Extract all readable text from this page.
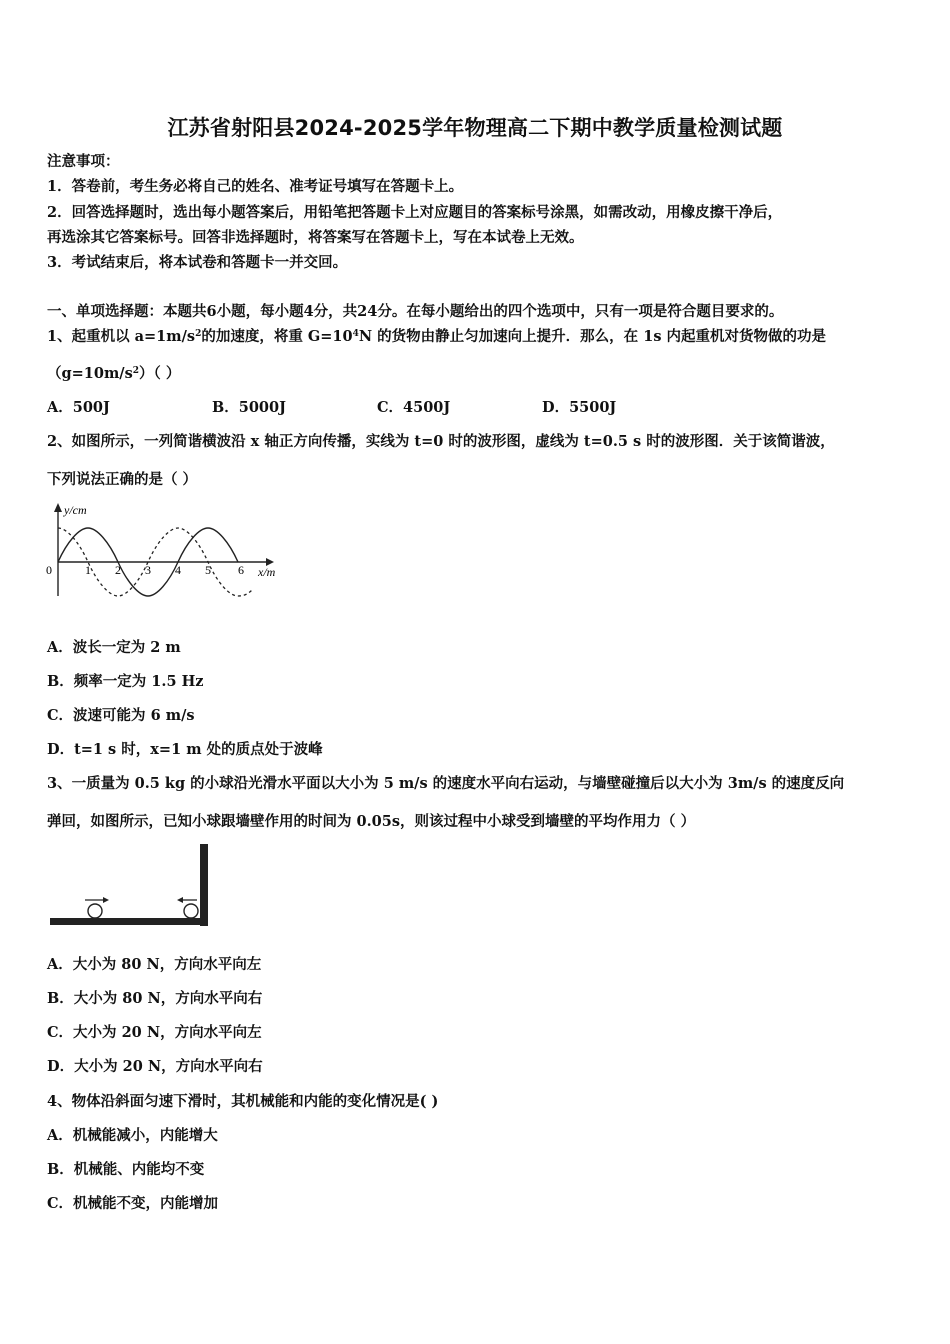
江苏省射阳县2024-2025学年物理高二下期中教学质量检测试题
注意事项：
1．答卷前，考生务必将自己的姓名、准考证号填写在答题卡上。
2．回答选择题时，选出每小题答案后，用铅笔把答题卡上对应题目的答案标号涂黑，如需改动，用橡皮擦干净后，
再选涂其它答案标号。回答非选择题时，将答案写在答题卡上，写在本试卷上无效。
3．考试结束后，将本试卷和答题卡一并交回。
一、单项选择题：本题共6小题，每小题4分，共24分。在每小题给出的四个选项中，只有一项是符合题目要求的。
1、起重机以 $a=1m/s^2$的加速度，将重 $G=10^4N$ 的货物由静止匀加速向上提升．那么，在 1s 内起重机对货物做的功是
$(g=10m/s^2)$（ ）
A．500J	B．5000J	C．4500J	D．5500J
2、如图所示，一列简谐横波沿 x 轴正方向传播，实线为 t=0 时的波形图，虚线为 t=0.5 s 时的波形图．关于该简谐波，
下列说法正确的是（ ）
y/cm
x/m
0	1 2 3 4 5 6
A．波长一定为 2 m
B．频率一定为 1.5 Hz
C．波速可能为 6 m/s
D．t=1 s 时，x=1 m 处的质点处于波峰
3、一质量为 0.5 kg 的小球沿光滑水平面以大小为 5 m/s 的速度水平向右运动，与墙壁碰撞后以大小为 3m/s 的速度反向
弹回，如图所示，已知小球跟墙壁作用的时间为 0.05s，则该过程中小球受到墙壁的平均作用力（ ）
A．大小为 80 N，方向水平向左
B．大小为 80 N，方向水平向右
C．大小为 20 N，方向水平向左
D．大小为 20 N，方向水平向右
4、物体沿斜面匀速下滑时，其机械能和内能的变化情况是( )
A．机械能减小，内能增大
B．机械能、内能均不变
C．机械能不变，内能增加
